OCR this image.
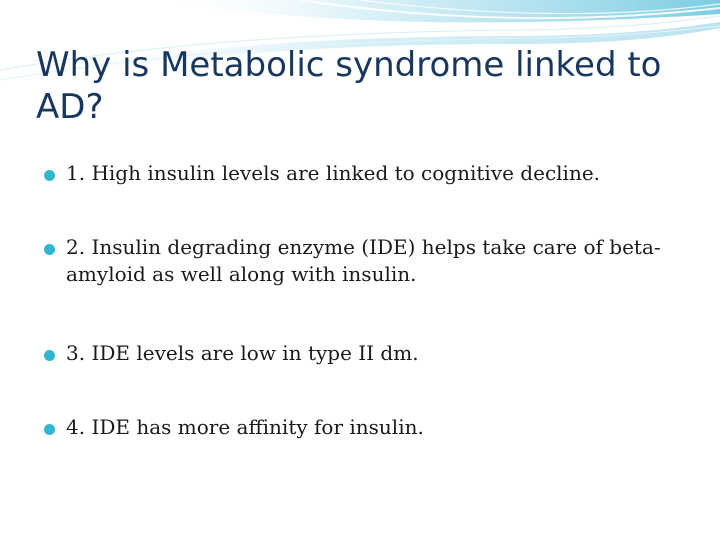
Why is Metabolic syndrome linked to AD?
1. High insulin levels are linked to cognitive decline.
2. Insulin degrading enzyme (IDE) helps take care of beta-amyloid as well along with insulin.
3. IDE levels are low in type II dm.
4. IDE has more affinity for insulin.
